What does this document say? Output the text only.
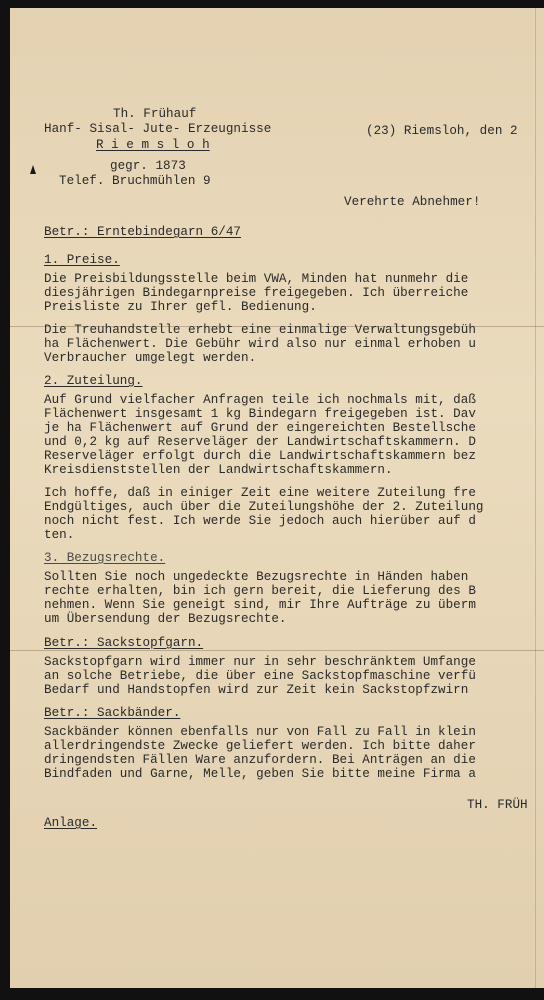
Th. Frühauf
Hanf- Sisal- Jute- Erzeugnisse
R i e m s l o h
gegr. 1873
Telef. Bruchmühlen 9
(23) Riemsloh, den 2
Verehrte Abnehmer!
Betr.: Erntebindegarn 6/47
1. Preise.
Die Preisbildungsstelle beim VWA, Minden hat nunmehr die
diesjährigen Bindegarnpreise freigegeben. Ich überreiche
Preisliste zu Ihrer gefl. Bedienung.
Die Treuhandstelle erhebt eine einmalige Verwaltungsgebüh
ha Flächenwert. Die Gebühr wird also nur einmal erhoben u
Verbraucher umgelegt werden.
2. Zuteilung.
Auf Grund vielfacher Anfragen teile ich nochmals mit, daß
Flächenwert insgesamt 1 kg Bindegarn freigegeben ist. Dav
je ha Flächenwert auf Grund der eingereichten Bestellsche
und 0,2 kg auf Reserveläger der Landwirtschaftskammern. D
Reserveläger erfolgt durch die Landwirtschaftskammern bez
Kreisdienststellen der Landwirtschaftskammern.
Ich hoffe, daß in einiger Zeit eine weitere Zuteilung fre
Endgültiges, auch über die Zuteilungshöhe der 2. Zuteilung
noch nicht fest. Ich werde Sie jedoch auch hierüber auf d
ten.
3. Bezugsrechte.
Sollten Sie noch ungedeckte Bezugsrechte in Händen haben
rechte erhalten, bin ich gern bereit, die Lieferung des B
nehmen. Wenn Sie geneigt sind, mir Ihre Aufträge zu überm
um Übersendung der Bezugsrechte.
Betr.: Sackstopfgarn.
Sackstopfgarn wird immer nur in sehr beschränktem Umfange
an solche Betriebe, die über eine Sackstopfmaschine verfü
Bedarf und Handstopfen wird zur Zeit kein Sackstopfzwirn
Betr.: Sackbänder.
Sackbänder können ebenfalls nur von Fall zu Fall in klein
allerdringendste Zwecke geliefert werden. Ich bitte daher
dringendsten Fällen Ware anzufordern. Bei Anträgen an die
Bindfaden und Garne, Melle, geben Sie bitte meine Firma a
TH. FRÜH
Anlage.
